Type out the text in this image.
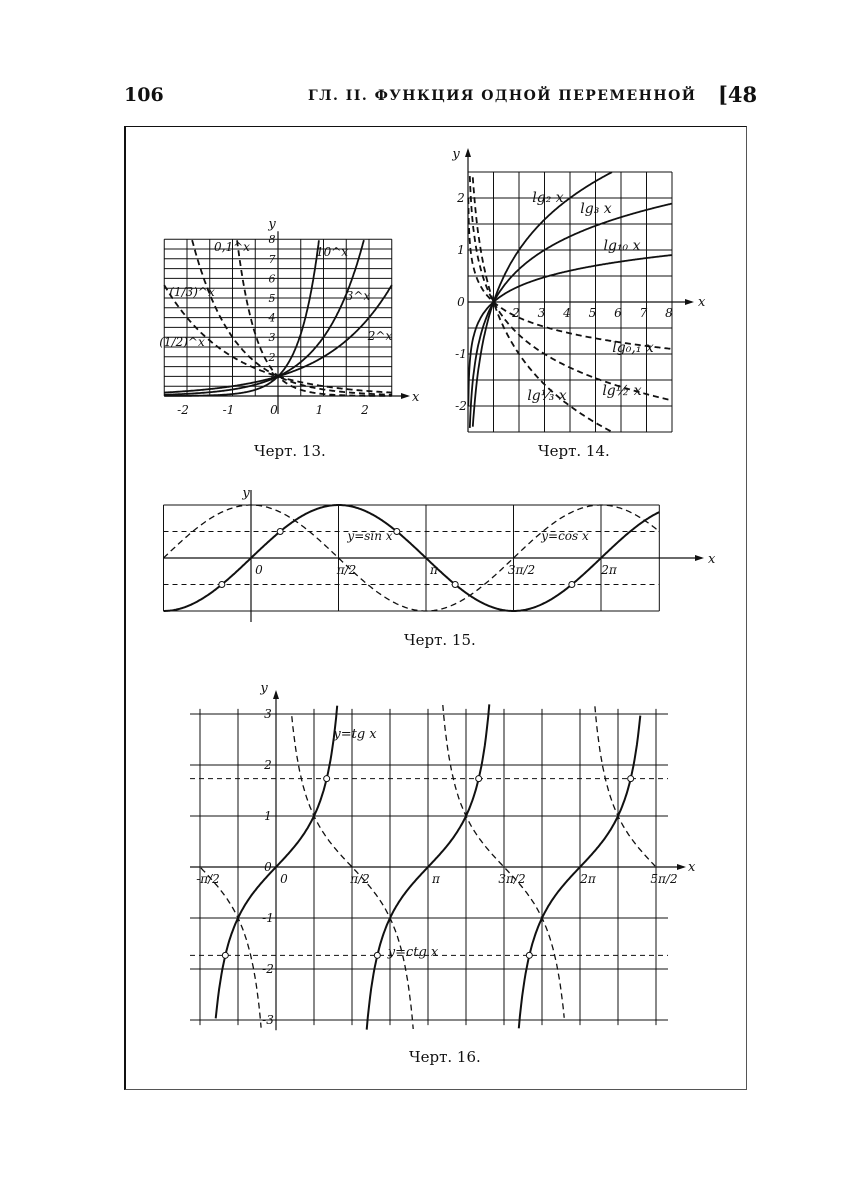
106	ГЛ. II. ФУНКЦИЯ ОДНОЙ ПЕРЕМЕННОЙ [48
x
y
-2	-1	0	1	2
1
2
3
4
5
6
7
8
10^x
3^x
2^x
0,1^x
(1/3)^x
(1/2)^x
x
y
2 3 4 5 6 7 8
2
1
0
-1
-2
lg₂ x
lg₃ x
lg₁₀ x
lg₀,₁ x
lg⅓ x	lg½ x
x
y
0	π/2	π	3π/2	2π
y=sin x	y=cos x
x
y
-π/2	0	π/2	π	3π/2	2π	5π/2
3
2
1
0
-1
-2
-3
y=tg x
y=ctg x
Черт. 13.	Черт. 14.
Черт. 15.
Черт. 16.
